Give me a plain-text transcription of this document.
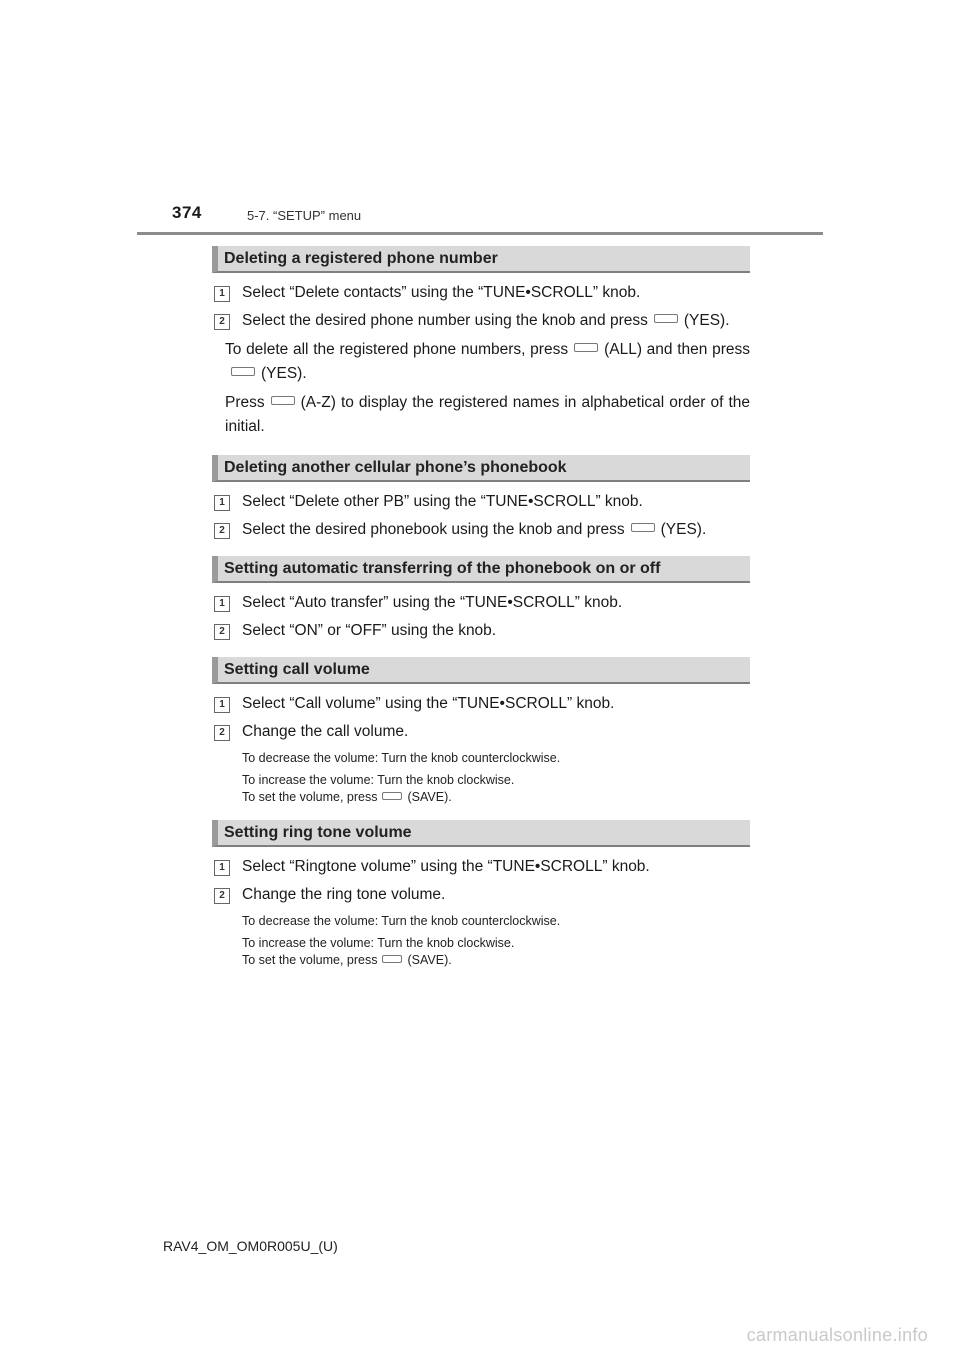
374	5-7. “SETUP” menu
Deleting a registered phone number
1	Select “Delete contacts” using the “TUNE•SCROLL” knob.
2	Select the desired phone number using the knob and press (YES).
To delete all the registered phone numbers, press (ALL) and then press(YES).
Press (A-Z) to display the registered names in alphabetical order of the initial.
Deleting another cellular phone’s phonebook
1	Select “Delete other PB” using the “TUNE•SCROLL” knob.
2	Select the desired phonebook using the knob and press (YES).
Setting automatic transferring of the phonebook on or off
1	Select “Auto transfer” using the “TUNE•SCROLL” knob.
2	Select “ON” or “OFF” using the knob.
Setting call volume
1	Select “Call volume” using the “TUNE•SCROLL” knob.
2	Change the call volume.
To decrease the volume: Turn the knob counterclockwise.
To increase the volume: Turn the knob clockwise.
To set the volume, press (SAVE).
Setting ring tone volume
1	Select “Ringtone volume” using the “TUNE•SCROLL” knob.
2	Change the ring tone volume.
To decrease the volume: Turn the knob counterclockwise.
To increase the volume: Turn the knob clockwise.
To set the volume, press (SAVE).
RAV4_OM_OM0R005U_(U)
carmanualsonline.info
